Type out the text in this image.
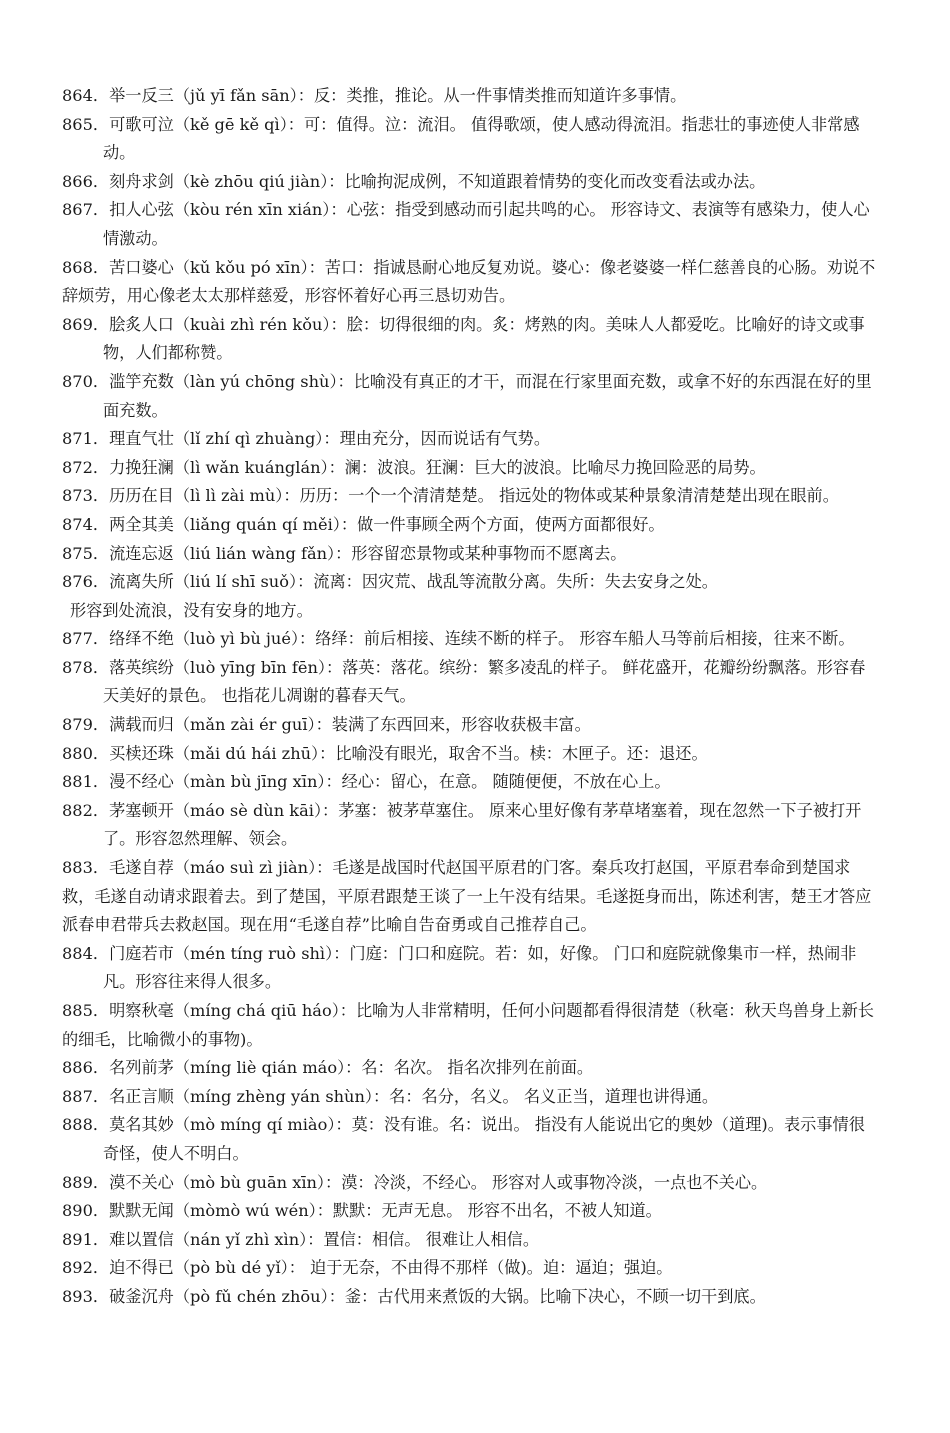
864．举一反三（jǔ yī fǎn sān）：反：类推，推论。从一件事情类推而知道许多事情。

865．可歌可泣（kě gē kě qì）：可：值得。泣：流泪。 值得歌颂，使人感动得流泪。指悲壮的事迹使人非常感动。

866．刻舟求剑（kè zhōu qiú jiàn）：比喻拘泥成例，不知道跟着情势的变化而改变看法或办法。

867．扣人心弦（kòu rén xīn xián）：心弦：指受到感动而引起共鸣的心。 形容诗文、表演等有感染力，使人心情激动。

868．苦口婆心（kǔ kǒu pó xīn）：苦口：指诚恳耐心地反复劝说。婆心：像老婆婆一样仁慈善良的心肠。劝说不辞烦劳，用心像老太太那样慈爱，形容怀着好心再三恳切劝告。

869．脍炙人口（kuài zhì rén kǒu）：脍：切得很细的肉。炙：烤熟的肉。美味人人都爱吃。比喻好的诗文或事物，人们都称赞。

870．滥竽充数（làn yú chōng shù）：比喻没有真正的才干，而混在行家里面充数，或拿不好的东西混在好的里面充数。

871．理直气壮（lǐ zhí qì zhuàng）：理由充分，因而说话有气势。

872．力挽狂澜（lì wǎn kuánglán）：澜：波浪。狂澜：巨大的波浪。比喻尽力挽回险恶的局势。

873．历历在目（lì lì zài mù）：历历：一个一个清清楚楚。 指远处的物体或某种景象清清楚楚出现在眼前。

874．两全其美（liǎng quán qí měi）：做一件事顾全两个方面，使两方面都很好。

875．流连忘返（liú lián wàng fǎn）：形容留恋景物或某种事物而不愿离去。

876．流离失所（liú lí shī suǒ）：流离：因灾荒、战乱等流散分离。失所：失去安身之处。

形容到处流浪，没有安身的地方。

877．络绎不绝（luò yì bù jué）：络绎：前后相接、连续不断的样子。 形容车船人马等前后相接，往来不断。

878．落英缤纷（luò yīng bīn fēn）：落英：落花。缤纷：繁多凌乱的样子。 鲜花盛开，花瓣纷纷飘落。形容春天美好的景色。 也指花儿凋谢的暮春天气。

879．满载而归（mǎn zài ér guī）：装满了东西回来，形容收获极丰富。

880．买椟还珠（mǎi dú hái zhū）：比喻没有眼光，取舍不当。椟：木匣子。还：退还。

881．漫不经心（màn bù jīng xīn）：经心：留心，在意。 随随便便，不放在心上。

882．茅塞顿开（máo sè dùn kāi）：茅塞：被茅草塞住。 原来心里好像有茅草堵塞着，现在忽然一下子被打开了。形容忽然理解、领会。

883．毛遂自荐（máo suì zì jiàn）：毛遂是战国时代赵国平原君的门客。秦兵攻打赵国，平原君奉命到楚国求救，毛遂自动请求跟着去。到了楚国，平原君跟楚王谈了一上午没有结果。毛遂挺身而出，陈述利害，楚王才答应派春申君带兵去救赵国。现在用“毛遂自荐”比喻自告奋勇或自己推荐自己。

884．门庭若市（mén tíng ruò shì）：门庭：门口和庭院。若：如，好像。 门口和庭院就像集市一样，热闹非凡。形容往来得人很多。

885．明察秋毫（míng chá qiū háo）：比喻为人非常精明，任何小问题都看得很清楚（秋毫：秋天鸟兽身上新长的细毛，比喻微小的事物)。

886．名列前茅（míng liè qián máo）：名：名次。 指名次排列在前面。

887．名正言顺（míng zhèng yán shùn）：名：名分，名义。 名义正当，道理也讲得通。

888．莫名其妙（mò míng qí miào）：莫：没有谁。名：说出。 指没有人能说出它的奥妙（道理)。表示事情很奇怪，使人不明白。

889．漠不关心（mò bù guān xīn）：漠：冷淡，不经心。 形容对人或事物冷淡，一点也不关心。

890．默默无闻（mòmò wú wén）：默默：无声无息。 形容不出名，不被人知道。

891．难以置信（nán yǐ zhì xìn）：置信：相信。 很难让人相信。

892．迫不得已（pò bù dé yǐ）： 迫于无奈，不由得不那样（做)。迫：逼迫；强迫。

893．破釜沉舟（pò fǔ chén zhōu）：釜：古代用来煮饭的大锅。比喻下决心，不顾一切干到底。
